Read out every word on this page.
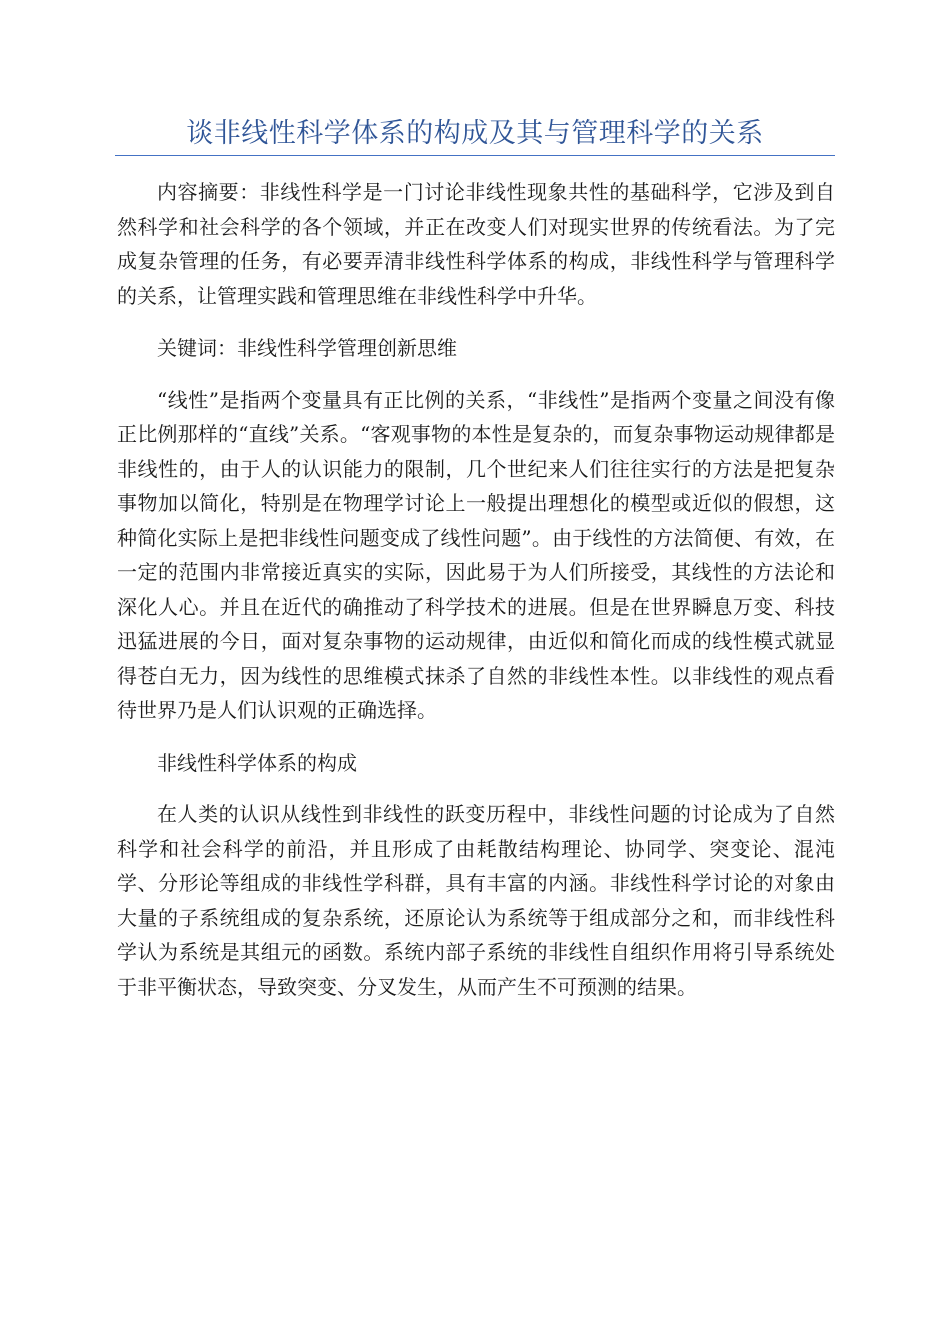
谈非线性科学体系的构成及其与管理科学的关系

内容摘要：非线性科学是一门讨论非线性现象共性的基础科学，它涉及到自然科学和社会科学的各个领域，并正在改变人们对现实世界的传统看法。为了完成复杂管理的任务，有必要弄清非线性科学体系的构成，非线性科学与管理科学的关系，让管理实践和管理思维在非线性科学中升华。

关键词：非线性科学管理创新思维

“线性”是指两个变量具有正比例的关系，“非线性”是指两个变量之间没有像正比例那样的“直线”关系。“客观事物的本性是复杂的，而复杂事物运动规律都是非线性的，由于人的认识能力的限制，几个世纪来人们往往实行的方法是把复杂事物加以简化，特别是在物理学讨论上一般提出理想化的模型或近似的假想，这种简化实际上是把非线性问题变成了线性问题”。由于线性的方法简便、有效，在一定的范围内非常接近真实的实际，因此易于为人们所接受，其线性的方法论和深化人心。并且在近代的确推动了科学技术的进展。但是在世界瞬息万变、科技迅猛进展的今日，面对复杂事物的运动规律，由近似和简化而成的线性模式就显得苍白无力，因为线性的思维模式抹杀了自然的非线性本性。以非线性的观点看待世界乃是人们认识观的正确选择。

非线性科学体系的构成

在人类的认识从线性到非线性的跃变历程中，非线性问题的讨论成为了自然科学和社会科学的前沿，并且形成了由耗散结构理论、协同学、突变论、混沌学、分形论等组成的非线性学科群，具有丰富的内涵。非线性科学讨论的对象由大量的子系统组成的复杂系统，还原论认为系统等于组成部分之和，而非线性科学认为系统是其组元的函数。系统内部子系统的非线性自组织作用将引导系统处于非平衡状态，导致突变、分叉发生，从而产生不可预测的结果。
